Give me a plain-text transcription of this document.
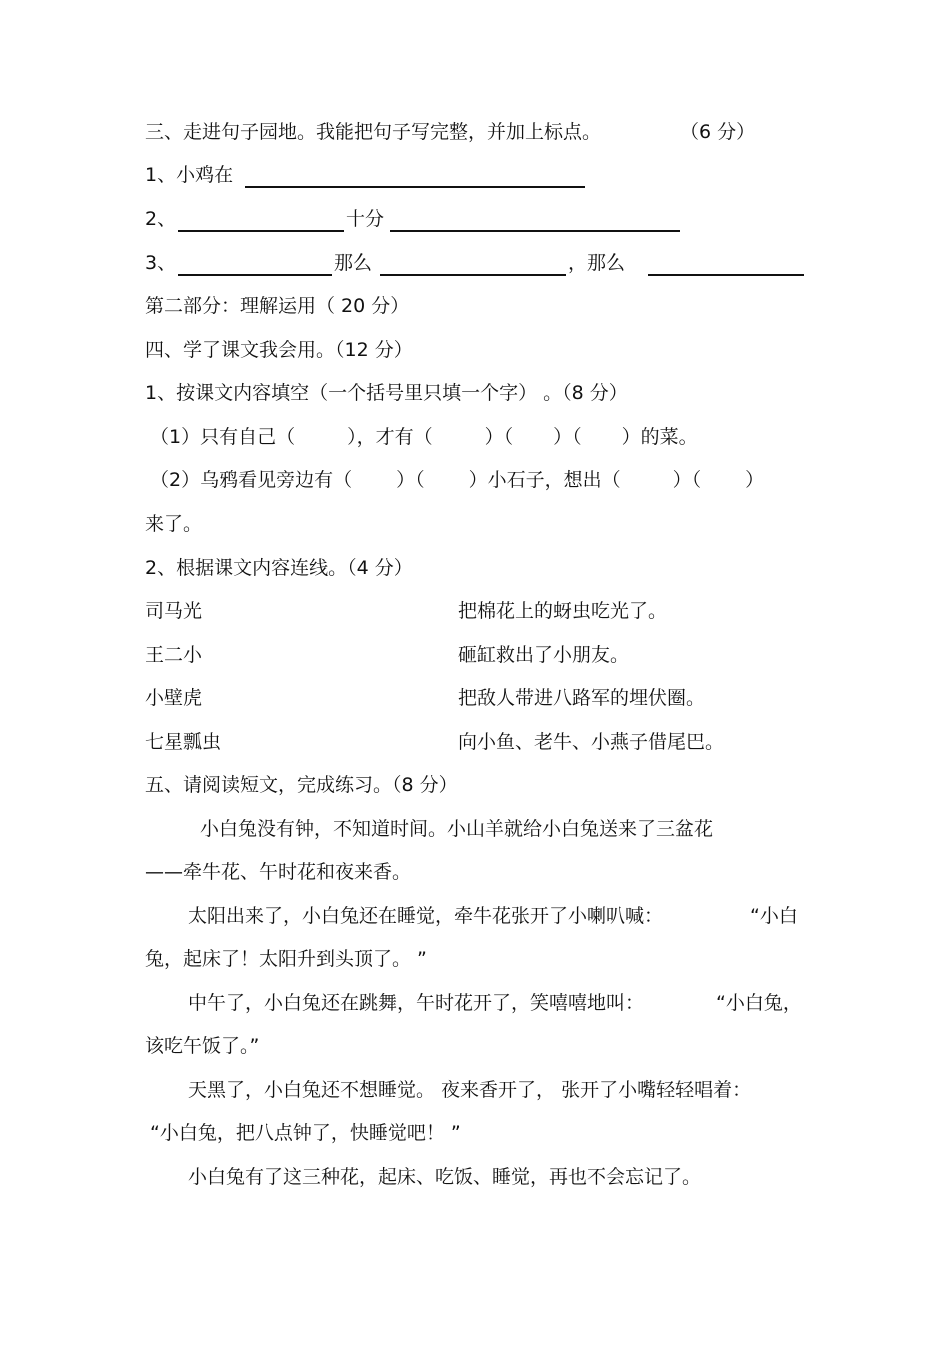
三、走进句子园地。我能把句子写完整，并加上标点。	（6 分）
1、小鸡在
2、	十分
3、	那么	，那么
第二部分：理解运用（ 20 分）
四、学了课文我会用。（12 分）
1、按课文内容填空（一个括号里只填一个字） 。（8 分）
（1）只有自己（	），才有（	）（ ）（ ）的菜。
（2）乌鸦看见旁边有（ ）（ ）小石子，想出（	）（ ）
来了。
2、根据课文内容连线。（4 分）
司马光	把棉花上的蚜虫吃光了。
王二小	砸缸救出了小朋友。
小壁虎	把敌人带进八路军的埋伏圈。
七星瓢虫	向小鱼、老牛、小燕子借尾巴。
五、请阅读短文，完成练习。（8 分）
小白兔没有钟，不知道时间。小山羊就给小白兔送来了三盆花
——牵牛花、午时花和夜来香。
太阳出来了，小白兔还在睡觉，牵牛花张开了小喇叭喊：	“小白
兔，起床了！太阳升到头顶了。 ”
中午了，小白兔还在跳舞，午时花开了，笑嘻嘻地叫：	“小白兔，
该吃午饭了。”
天黑了，小白兔还不想睡觉。 夜来香开了， 张开了小嘴轻轻唱着：
“小白兔，把八点钟了，快睡觉吧！ ”
小白兔有了这三种花，起床、吃饭、睡觉，再也不会忘记了。
